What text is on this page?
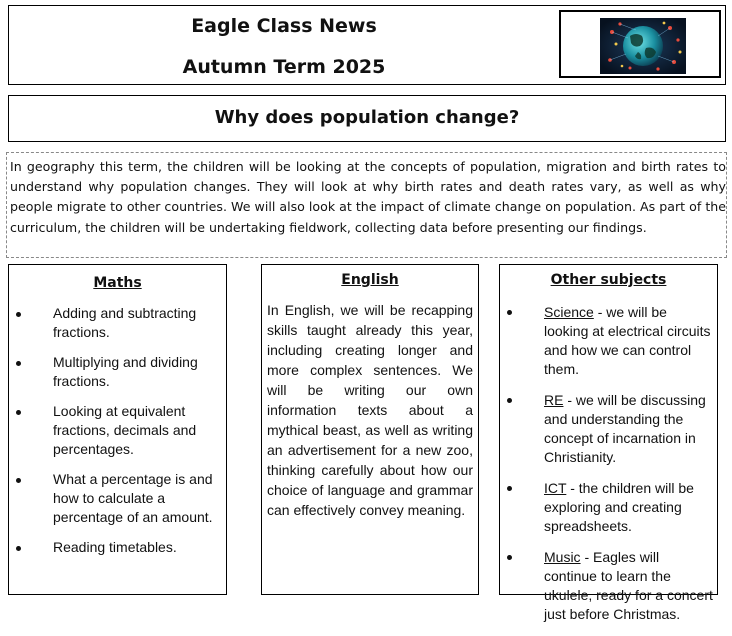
Eagle Class News
Autumn Term 2025
Why does population change?
In geography this term, the children will be looking at the concepts of population, migration and birth rates to understand why population changes. They will look at why birth rates and death rates vary, as well as why people migrate to other countries. We will also look at the impact of climate change on population. As part of the curriculum, the children will be undertaking fieldwork, collecting data before presenting our findings.
Maths
Adding and subtracting fractions.
Multiplying and dividing fractions.
Looking at equivalent fractions, decimals and percentages.
What a percentage is and how to calculate a percentage of an amount.
Reading timetables.
English
In English, we will be recapping skills taught already this year, including creating longer and more complex sentences. We will be writing our own information texts about a mythical beast, as well as writing an advertisement for a new zoo, thinking carefully about how our choice of language and grammar can effectively convey meaning.
Other subjects
Science - we will be looking at electrical circuits and how we can control them.
RE - we will be discussing and understanding the concept of incarnation in Christianity.
ICT - the children will be exploring and creating spreadsheets.
Music - Eagles will continue to learn the ukulele, ready for a concert just before Christmas.
